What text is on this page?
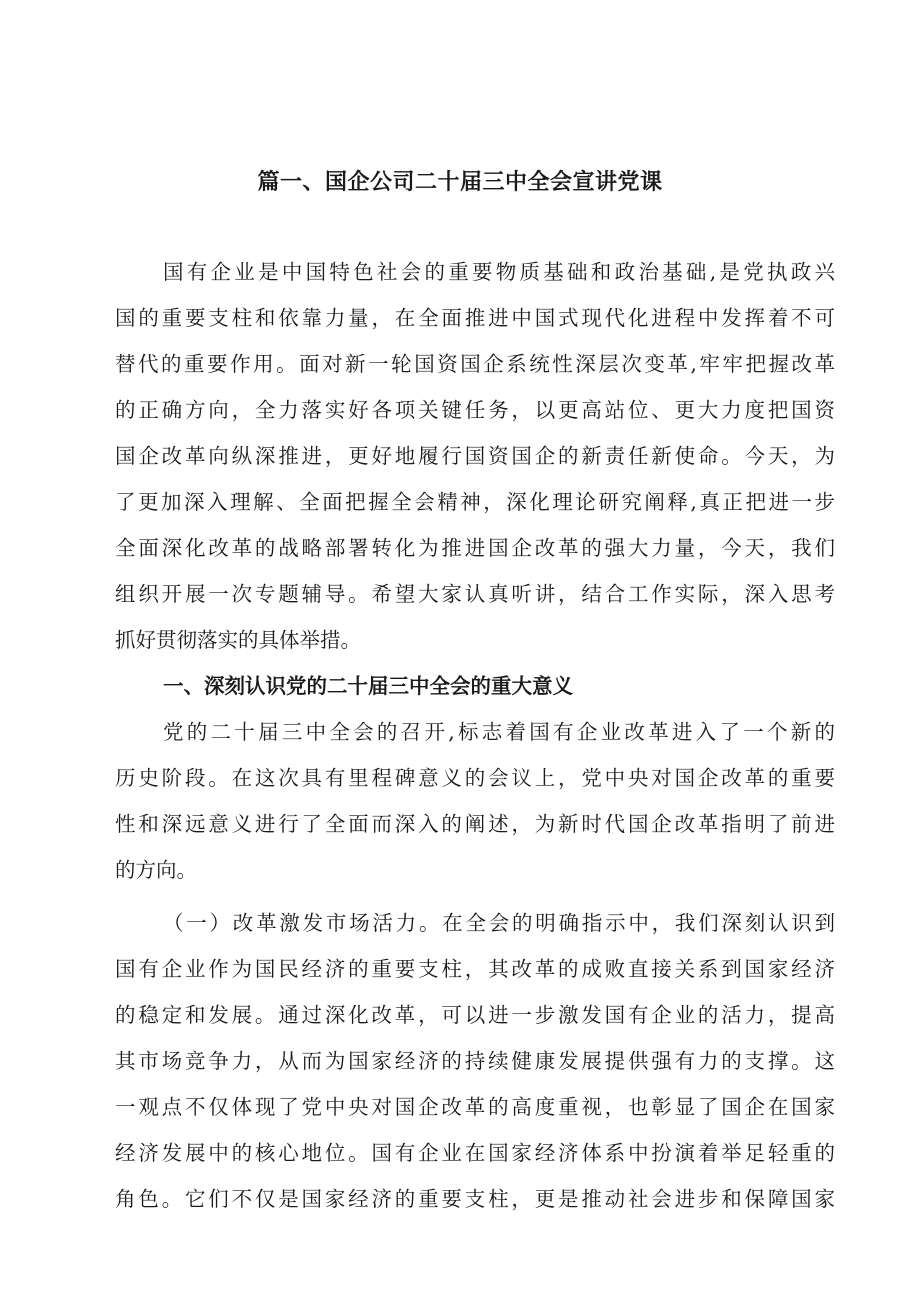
篇一、国企公司二十届三中全会宣讲党课
国有企业是中国特色社会的重要物质基础和政治基础,是党执政兴
国的重要支柱和依靠力量，在全面推进中国式现代化进程中发挥着不可
替代的重要作用。面对新一轮国资国企系统性深层次变革,牢牢把握改革
的正确方向，全力落实好各项关键任务，以更高站位、更大力度把国资
国企改革向纵深推进，更好地履行国资国企的新责任新使命。今天，为
了更加深入理解、全面把握全会精神，深化理论研究阐释,真正把进一步
全面深化改革的战略部署转化为推进国企改革的强大力量，今天，我们
组织开展一次专题辅导。希望大家认真听讲，结合工作实际，深入思考
抓好贯彻落实的具体举措。
一、深刻认识党的二十届三中全会的重大意义
党的二十届三中全会的召开,标志着国有企业改革进入了一个新的
历史阶段。在这次具有里程碑意义的会议上，党中央对国企改革的重要
性和深远意义进行了全面而深入的阐述，为新时代国企改革指明了前进
的方向。
（一）改革激发市场活力。在全会的明确指示中，我们深刻认识到
国有企业作为国民经济的重要支柱，其改革的成败直接关系到国家经济
的稳定和发展。通过深化改革，可以进一步激发国有企业的活力，提高
其市场竞争力，从而为国家经济的持续健康发展提供强有力的支撑。这
一观点不仅体现了党中央对国企改革的高度重视，也彰显了国企在国家
经济发展中的核心地位。国有企业在国家经济体系中扮演着举足轻重的
角色。它们不仅是国家经济的重要支柱，更是推动社会进步和保障国家
